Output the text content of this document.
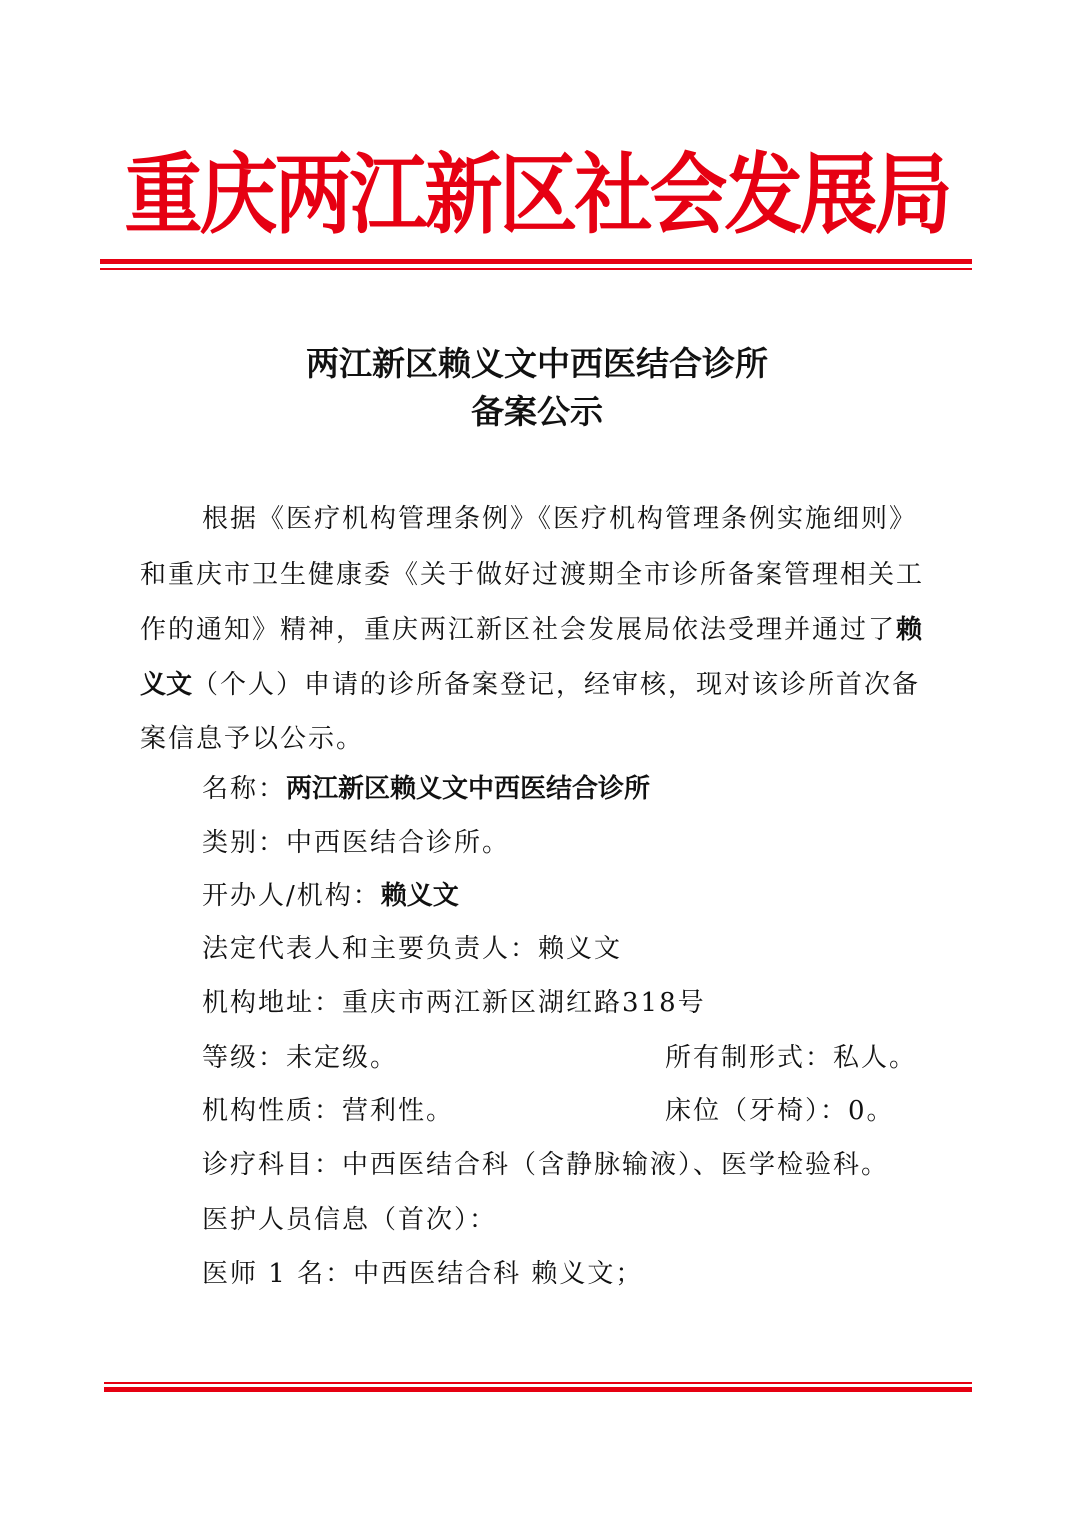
重庆两江新区社会发展局
两江新区赖义文中西医结合诊所
备案公示
根据《医疗机构管理条例》《医疗机构管理条例实施细则》
和重庆市卫生健康委《关于做好过渡期全市诊所备案管理相关工
作的通知》精神，重庆两江新区社会发展局依法受理并通过了赖
义文（个人）申请的诊所备案登记，经审核，现对该诊所首次备
案信息予以公示。
名称：两江新区赖义文中西医结合诊所
类别：中西医结合诊所。
开办人/机构：赖义文
法定代表人和主要负责人：赖义文
机构地址：重庆市两江新区湖红路318号
等级：未定级。	所有制形式：私人。
机构性质：营利性。	床位（牙椅）：0。
诊疗科目：中西医结合科（含静脉输液）、医学检验科。
医护人员信息（首次）：
医师 1 名：中西医结合科 赖义文；
